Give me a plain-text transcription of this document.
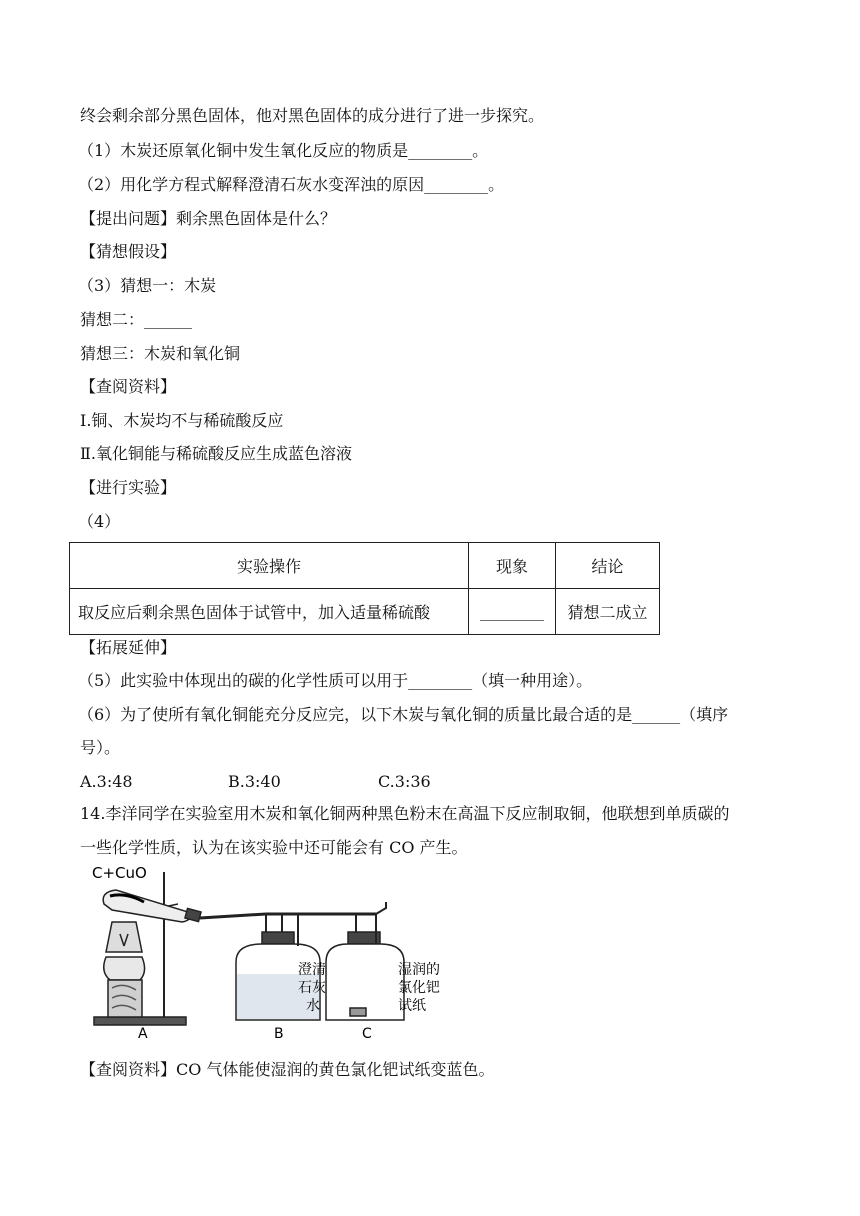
终会剩余部分黑色固体，他对黑色固体的成分进行了进一步探究。
（1）木炭还原氧化铜中发生氧化反应的物质是________。
（2）用化学方程式解释澄清石灰水变浑浊的原因________。
【提出问题】剩余黑色固体是什么？
【猜想假设】
（3）猜想一：木炭
猜想二：______
猜想三：木炭和氧化铜
【查阅资料】
Ⅰ.铜、木炭均不与稀硫酸反应
Ⅱ.氧化铜能与稀硫酸反应生成蓝色溶液
【进行实验】
（4）
实验操作	现象	结论
取反应后剩余黑色固体于试管中，加入适量稀硫酸	________	猜想二成立
【拓展延伸】
（5）此实验中体现出的碳的化学性质可以用于________（填一种用途）。
（6）为了使所有氧化铜能充分反应完，以下木炭与氧化铜的质量比最合适的是______（填序
号）。
A.3:48	B.3:40	C.3:36
14.李洋同学在实验室用木炭和氧化铜两种黑色粉末在高温下反应制取铜，他联想到单质碳的
一些化学性质，认为在该实验中还可能会有 CO 产生。
C+CuO
A	B	C
澄清
石灰
水
湿润的
氯化钯
试纸
【查阅资料】CO 气体能使湿润的黄色氯化钯试纸变蓝色。
